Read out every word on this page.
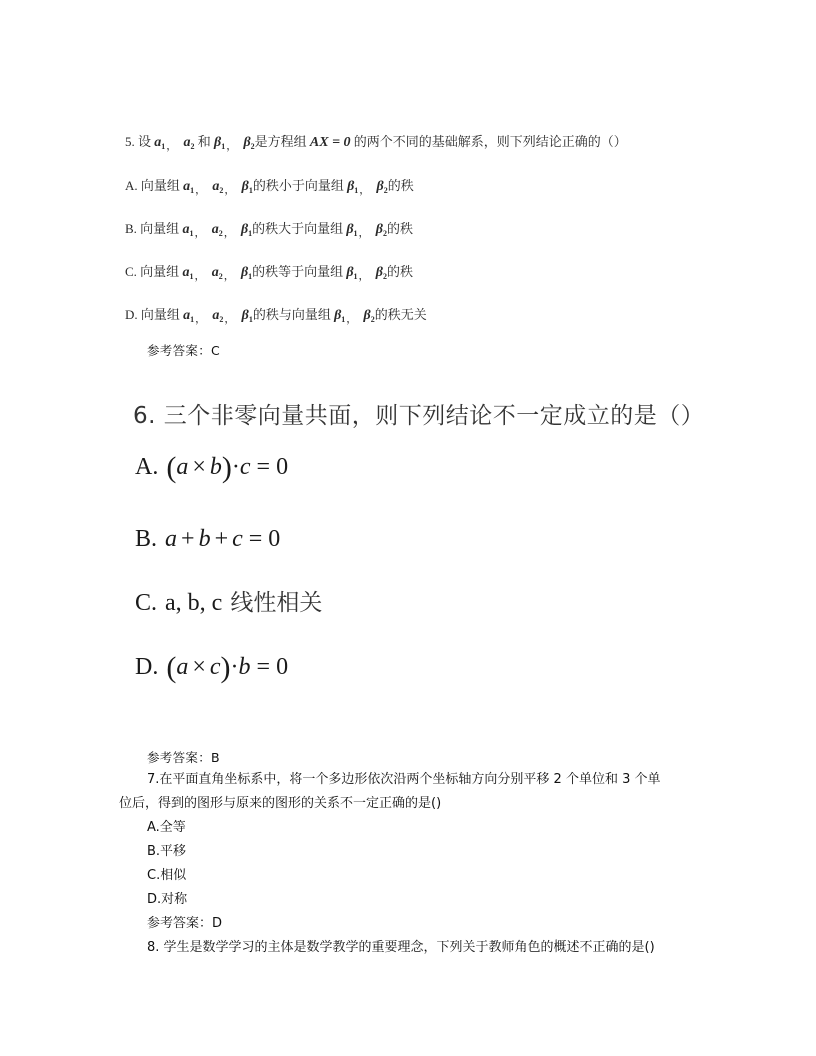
5. 设 $a_{1,}$ $a_2$ 和 $\beta_{1,}$ $\beta_2$是方程组 AX = 0 的两个不同的基础解系，则下列结论正确的（）
A. 向量组 $a_{1,}$ $a_{2,}$ $\beta_1$的秩小于向量组 $\beta_{1,}$ $\beta_2$的秩
B. 向量组 $a_{1,}$ $a_{2,}$ $\beta_1$的秩大于向量组 $\beta_{1,}$ $\beta_2$的秩
C. 向量组 $a_{1,}$ $a_{2,}$ $\beta_1$的秩等于向量组 $\beta_{1,}$ $\beta_2$的秩
D. 向量组 $a_{1,}$ $a_{2,}$ $\beta_1$的秩与向量组 $\beta_{1,}$ $\beta_2$的秩无关
参考答案：C
6. 三个非零向量共面，则下列结论不一定成立的是（）
A. (a × b)·c = 0
B. a + b + c = 0
C. a, b, c 线性相关
D. (a × c)·b = 0
参考答案：B
7.在平面直角坐标系中，将一个多边形依次沿两个坐标轴方向分别平移 2 个单位和 3 个单
位后，得到的图形与原来的图形的关系不一定正确的是()
A.全等
B.平移
C.相似
D.对称
参考答案：D
8. 学生是数学学习的主体是数学教学的重要理念，下列关于教师角色的概述不正确的是()
